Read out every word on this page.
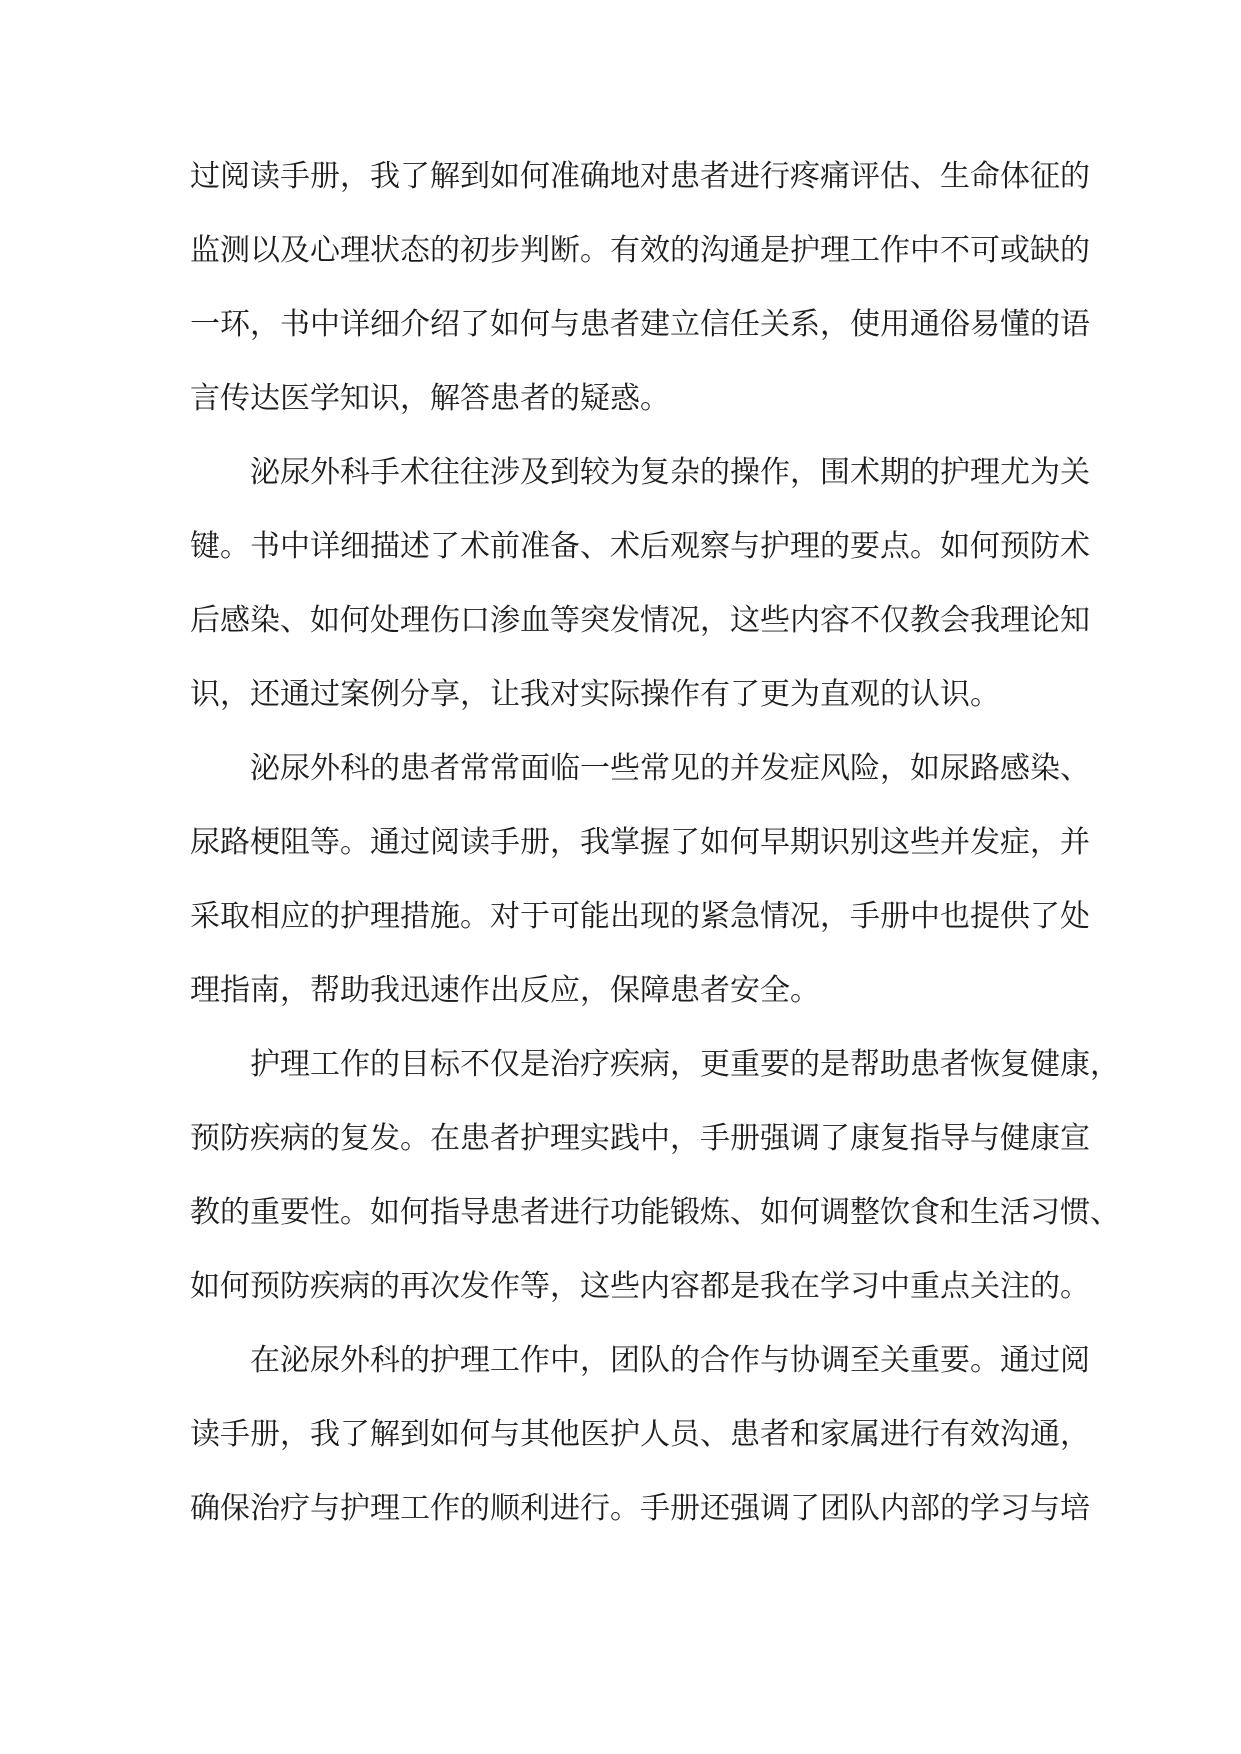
过阅读手册，我了解到如何准确地对患者进行疼痛评估、生命体征的
监测以及心理状态的初步判断。有效的沟通是护理工作中不可或缺的
一环，书中详细介绍了如何与患者建立信任关系，使用通俗易懂的语
言传达医学知识，解答患者的疑惑。
泌尿外科手术往往涉及到较为复杂的操作，围术期的护理尤为关
键。书中详细描述了术前准备、术后观察与护理的要点。如何预防术
后感染、如何处理伤口渗血等突发情况，这些内容不仅教会我理论知
识，还通过案例分享，让我对实际操作有了更为直观的认识。
泌尿外科的患者常常面临一些常见的并发症风险，如尿路感染、
尿路梗阻等。通过阅读手册，我掌握了如何早期识别这些并发症，并
采取相应的护理措施。对于可能出现的紧急情况，手册中也提供了处
理指南，帮助我迅速作出反应，保障患者安全。
护理工作的目标不仅是治疗疾病，更重要的是帮助患者恢复健康，
预防疾病的复发。在患者护理实践中，手册强调了康复指导与健康宣
教的重要性。如何指导患者进行功能锻炼、如何调整饮食和生活习惯、
如何预防疾病的再次发作等，这些内容都是我在学习中重点关注的。
在泌尿外科的护理工作中，团队的合作与协调至关重要。通过阅
读手册，我了解到如何与其他医护人员、患者和家属进行有效沟通，
确保治疗与护理工作的顺利进行。手册还强调了团队内部的学习与培
